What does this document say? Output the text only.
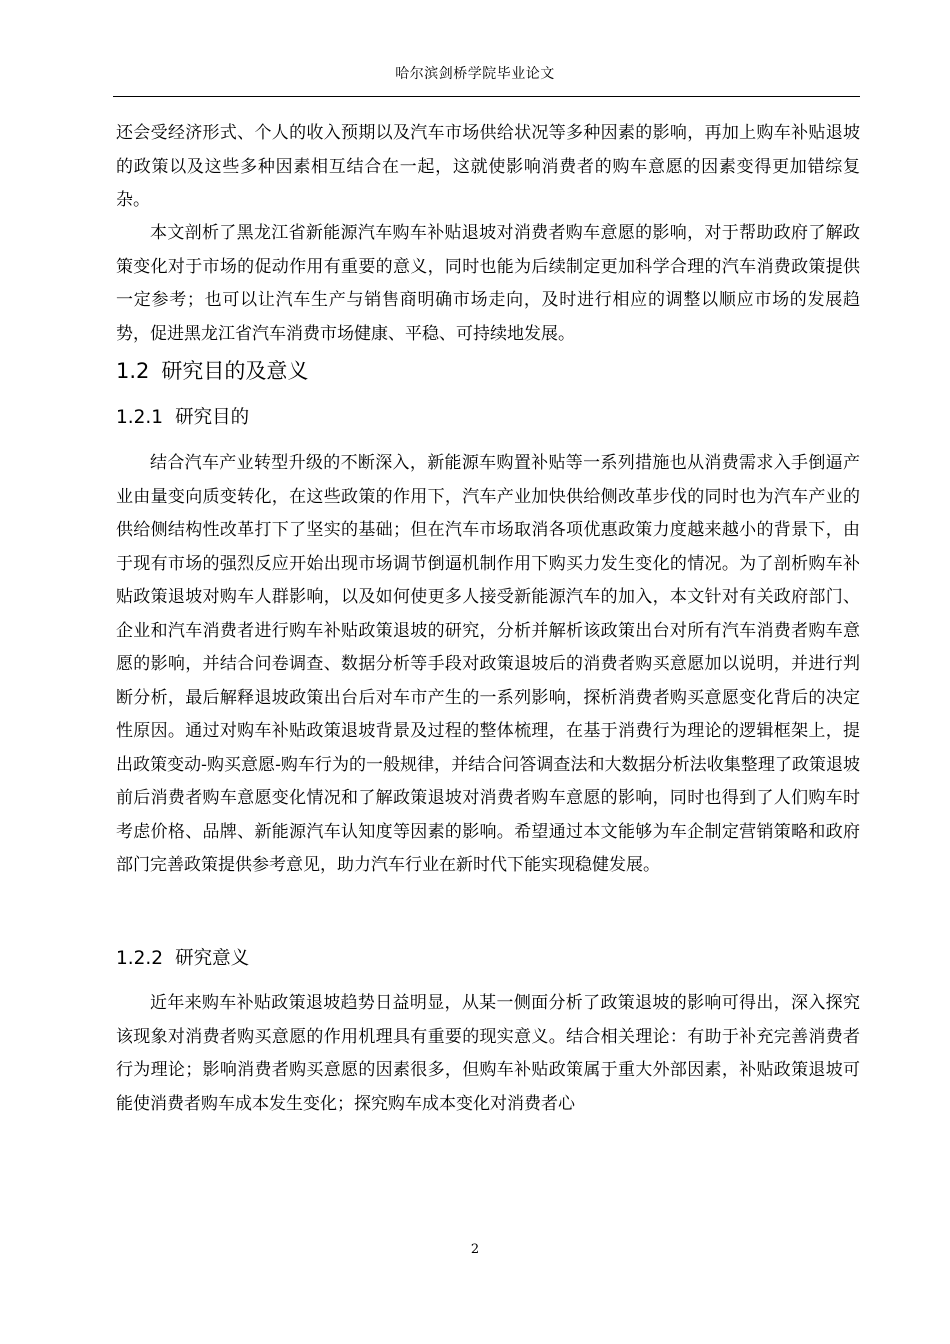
哈尔滨剑桥学院毕业论文

还会受经济形式、个人的收入预期以及汽车市场供给状况等多种因素的影响，再加上购车补贴退坡的政策以及这些多种因素相互结合在一起，这就使影响消费者的购车意愿的因素变得更加错综复杂。

本文剖析了黑龙江省新能源汽车购车补贴退坡对消费者购车意愿的影响，对于帮助政府了解政策变化对于市场的促动作用有重要的意义，同时也能为后续制定更加科学合理的汽车消费政策提供一定参考；也可以让汽车生产与销售商明确市场走向，及时进行相应的调整以顺应市场的发展趋势，促进黑龙江省汽车消费市场健康、平稳、可持续地发展。

1.2 研究目的及意义
1.2.1 研究目的

结合汽车产业转型升级的不断深入，新能源车购置补贴等一系列措施也从消费需求入手倒逼产业由量变向质变转化，在这些政策的作用下，汽车产业加快供给侧改革步伐的同时也为汽车产业的供给侧结构性改革打下了坚实的基础；但在汽车市场取消各项优惠政策力度越来越小的背景下，由于现有市场的强烈反应开始出现市场调节倒逼机制作用下购买力发生变化的情况。为了剖析购车补贴政策退坡对购车人群影响，以及如何使更多人接受新能源汽车的加入，本文针对有关政府部门、企业和汽车消费者进行购车补贴政策退坡的研究，分析并解析该政策出台对所有汽车消费者购车意愿的影响，并结合问卷调查、数据分析等手段对政策退坡后的消费者购买意愿加以说明，并进行判断分析，最后解释退坡政策出台后对车市产生的一系列影响，探析消费者购买意愿变化背后的决定性原因。通过对购车补贴政策退坡背景及过程的整体梳理，在基于消费行为理论的逻辑框架上，提出政策变动-购买意愿-购车行为的一般规律，并结合问答调查法和大数据分析法收集整理了政策退坡前后消费者购车意愿变化情况和了解政策退坡对消费者购车意愿的影响，同时也得到了人们购车时考虑价格、品牌、新能源汽车认知度等因素的影响。希望通过本文能够为车企制定营销策略和政府部门完善政策提供参考意见，助力汽车行业在新时代下能实现稳健发展。

1.2.2 研究意义

近年来购车补贴政策退坡趋势日益明显，从某一侧面分析了政策退坡的影响可得出，深入探究该现象对消费者购买意愿的作用机理具有重要的现实意义。结合相关理论：有助于补充完善消费者行为理论；影响消费者购买意愿的因素很多，但购车补贴政策属于重大外部因素，补贴政策退坡可能使消费者购车成本发生变化；探究购车成本变化对消费者心

2
